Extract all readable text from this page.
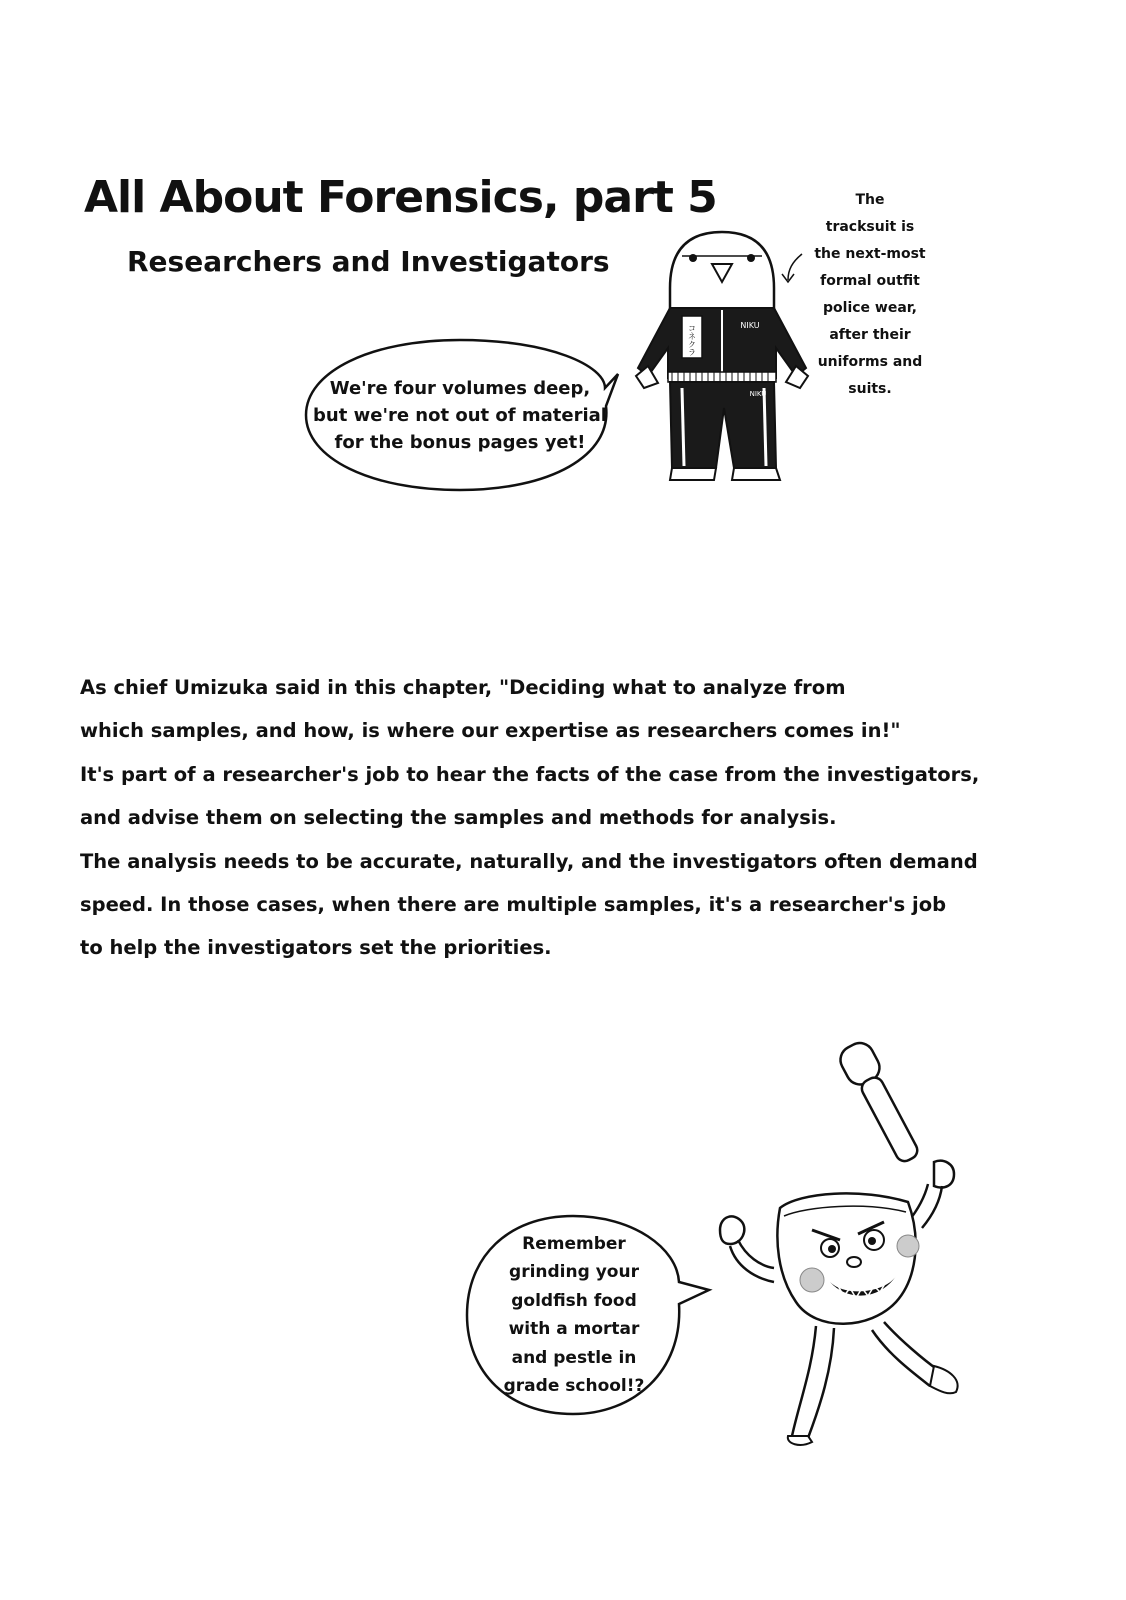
All About Forensics, part 5
Researchers and Investigators
We're four volumes deep,
but we're not out of material
for the bonus pages yet!
コネクラ	NIKU
NIKU
The
tracksuit is
the next-most
formal outfit
police wear,
after their
uniforms and
suits.
As chief Umizuka said in this chapter, "Deciding what to analyze from
which samples, and how, is where our expertise as researchers comes in!"
It's part of a researcher's job to hear the facts of the case from the investigators,
and advise them on selecting the samples and methods for analysis.
The analysis needs to be accurate, naturally, and the investigators often demand
speed. In those cases, when there are multiple samples, it's a researcher's job
to help the investigators set the priorities.
Remember
grinding your
goldfish food
with a mortar
and pestle in
grade school!?
